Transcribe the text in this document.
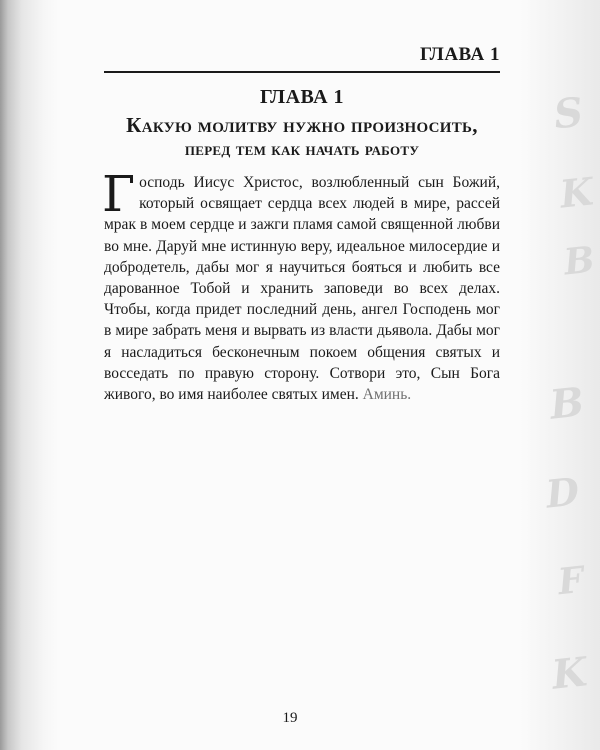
S
K
B
B
D
F
K
ГЛАВА 1
ГЛАВА 1
Какую молитву нужно произносить,
перед тем как начать работу
Господь Иисус Христос, возлюбленный сын Божий, который освящает сердца всех людей в мире, рассей мрак в моем сердце и зажги пламя самой священной любви во мне. Даруй мне истинную веру, идеальное милосердие и добродетель, дабы мог я научиться бояться и любить все дарованное Тобой и хранить заповеди во всех делах. Чтобы, когда придет последний день, ангел Господень мог в мире забрать меня и вырвать из власти дьявола. Дабы мог я насладиться бесконечным покоем общения святых и восседать по правую сторону. Сотвори это, Сын Бога живого, во имя наиболее святых имен. Аминь.
19
